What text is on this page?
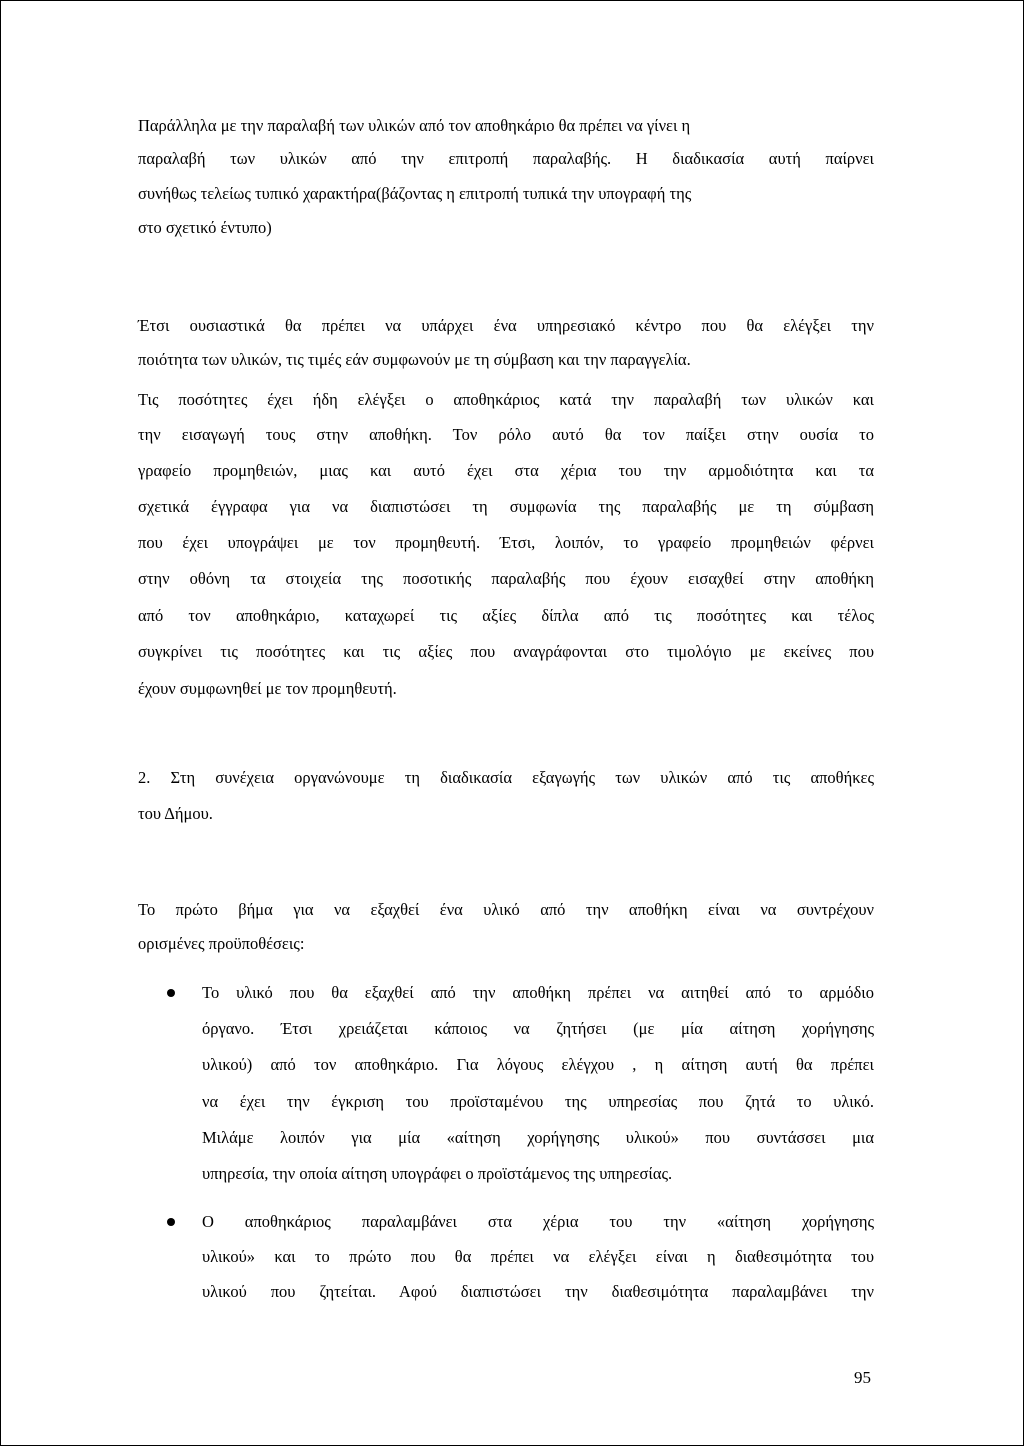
Παράλληλα με την παραλαβή των υλικών από τον αποθηκάριο θα πρέπει να γίνει η
παραλαβή των υλικών από την επιτροπή παραλαβής. Η διαδικασία αυτή παίρνει
συνήθως τελείως τυπικό χαρακτήρα(βάζοντας η επιτροπή τυπικά την υπογραφή της
στο σχετικό έντυπο)
Έτσι ουσιαστικά θα πρέπει να υπάρχει ένα υπηρεσιακό κέντρο που θα ελέγξει την
ποιότητα των υλικών, τις τιμές εάν συμφωνούν με τη σύμβαση και την παραγγελία.
Τις ποσότητες έχει ήδη ελέγξει ο αποθηκάριος κατά την παραλαβή των υλικών και
την εισαγωγή τους στην αποθήκη. Τον ρόλο αυτό θα τον παίξει στην ουσία το
γραφείο προμηθειών, μιας και αυτό έχει στα χέρια του την αρμοδιότητα και τα
σχετικά έγγραφα για να διαπιστώσει τη συμφωνία της παραλαβής με τη σύμβαση
που έχει υπογράψει με τον προμηθευτή. Έτσι, λοιπόν, το γραφείο προμηθειών φέρνει
στην οθόνη τα στοιχεία της ποσοτικής παραλαβής που έχουν εισαχθεί στην αποθήκη
από τον αποθηκάριο, καταχωρεί τις αξίες δίπλα από τις ποσότητες και τέλος
συγκρίνει τις ποσότητες και τις αξίες που αναγράφονται στο τιμολόγιο με εκείνες που
έχουν συμφωνηθεί με τον προμηθευτή.
2. Στη συνέχεια οργανώνουμε τη διαδικασία εξαγωγής των υλικών από τις αποθήκες
του Δήμου.
Το πρώτο βήμα για να εξαχθεί ένα υλικό από την αποθήκη είναι να συντρέχουν
ορισμένες προϋποθέσεις:
Το υλικό που θα εξαχθεί από την αποθήκη πρέπει να αιτηθεί από το αρμόδιο
όργανο. Έτσι χρειάζεται κάποιος να ζητήσει (με μία αίτηση χορήγησης
υλικού) από τον αποθηκάριο. Για λόγους ελέγχου , η αίτηση αυτή θα πρέπει
να έχει την έγκριση του προϊσταμένου της υπηρεσίας που ζητά το υλικό.
Μιλάμε λοιπόν για μία «αίτηση χορήγησης υλικού» που συντάσσει μια
υπηρεσία, την οποία αίτηση υπογράφει ο προϊστάμενος της υπηρεσίας.
Ο αποθηκάριος παραλαμβάνει στα χέρια του την «αίτηση χορήγησης
υλικού» και το πρώτο που θα πρέπει να ελέγξει είναι η διαθεσιμότητα του
υλικού που ζητείται. Αφού διαπιστώσει την διαθεσιμότητα παραλαμβάνει την
95
